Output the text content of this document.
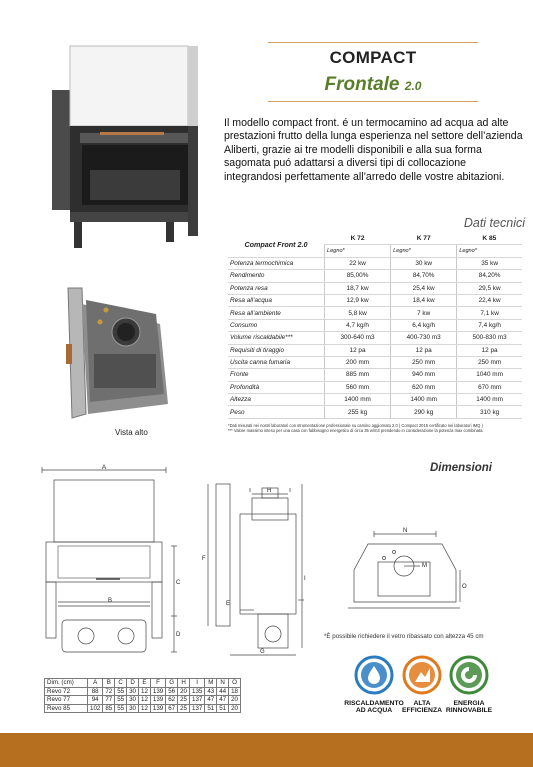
COMPACT
Frontale 2.0
Vista alto
Il modello compact front. é un termocamino ad acqua ad alte prestazioni frutto della lunga esperienza nel settore dell’azienda Aliberti, grazie ai tre modelli disponibili e alla sua forma sagomata puó adattarsi a diversi tipi di collocazione integrandosi perfettamente all’arredo delle vostre abitazioni.
Dati tecnici
Compact Front 2.0	K 72	K 77	K 85
	Legno*	Legno*	Legno*
Potenza termochimica	22 kw	30 kw	35 kw
Rendimento	85,00%	84,70%	84,20%
Potenza resa	18,7 kw	25,4 kw	29,5 kw
Resa all’acqua	12,9 kw	18,4 kw	22,4 kw
Resa all’ambiente	5,8 kw	7 kw	7,1 kw
Consumo	4,7 kg/h	6,4 kg/h	7,4 kg/h
Volume riscaldabile***	300-640 m3	400-730 m3	500-830 m3
Requisiti di tiraggio	12 pa	12 pa	12 pa
Uscita canna fumaria	200 mm	250 mm	250 mm
Fronte	885 mm	940 mm	1040 mm
Profondità	560 mm	620 mm	670 mm
Altezza	1400 mm	1400 mm	1400 mm
Peso	255 kg	290 kg	310 kg
*Dati misurati nei nostri laboratori con strumentazione professionale su camino aggiornato 2.0 ( Compact 2015 certificato nei laboratori IMQ )
*** Valore massimo inteso per una casa con fabbisogno energetico di circa 35 w/m3 prendendo in considerazione la potenza max combinata.
Dimensioni
A
B
C
D
H
F
I
E
G
N
M
O
*È possibile richiedere il vetro ribassato con altezza 45 cm
Dim. (cm)	A	B	C	D	E	F	G	H	I	M	N	O
Revo 72	88	72	55	30	12	139	56	20	135	43	44	18
Revo 77	94	77	55	30	12	139	62	25	137	47	47	20
Revo 85	102	85	55	30	12	139	67	25	137	51	51	20
RISCALDAMENTO
AD ACQUA
ALTA
EFFICIENZA
ENERGIA
RINNOVABILE
